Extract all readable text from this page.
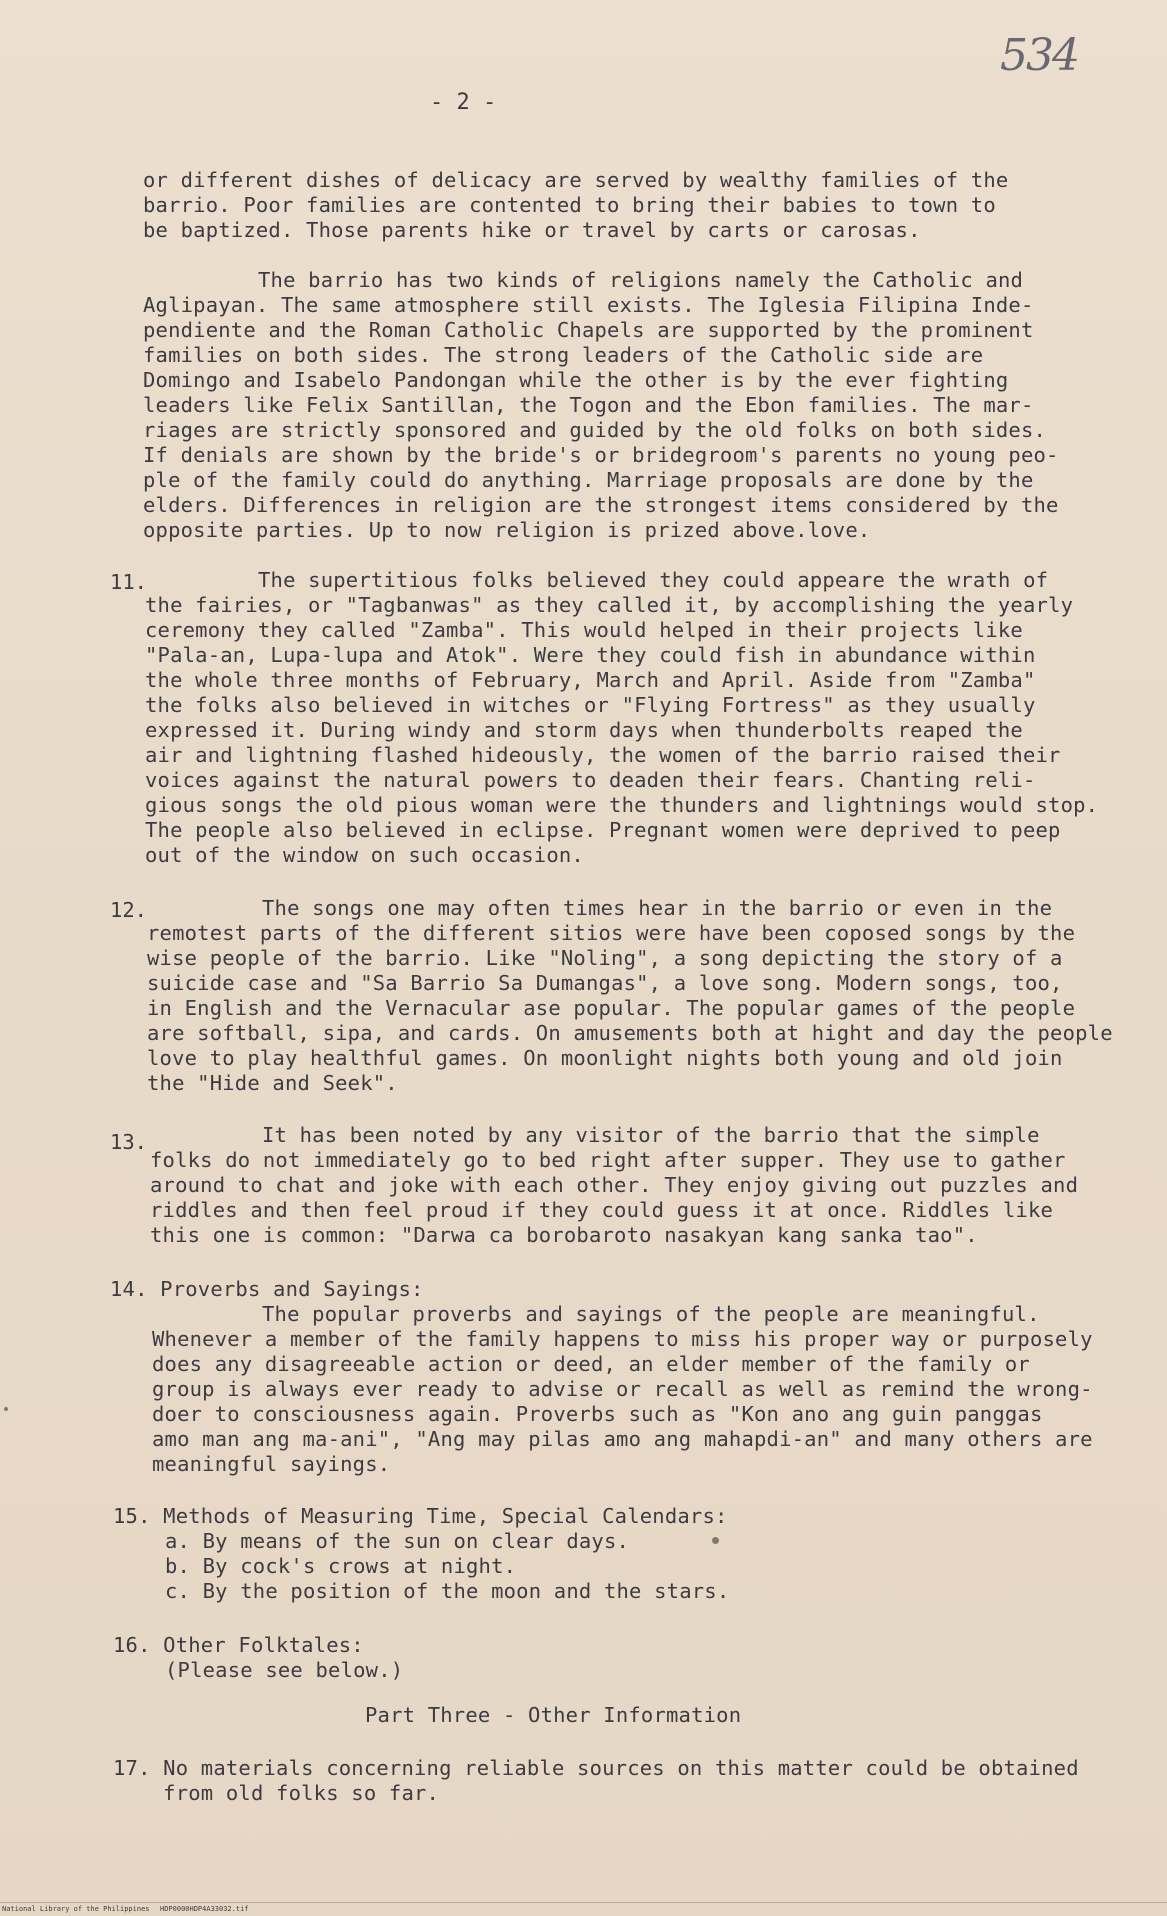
534
- 2 -
or different dishes of delicacy are served by wealthy families of the
barrio. Poor families are contented to bring their babies to town to
be baptized. Those parents hike or travel by carts or carosas.
The barrio has two kinds of religions namely the Catholic and
Aglipayan. The same atmosphere still exists. The Iglesia Filipina Inde-
pendiente and the Roman Catholic Chapels are supported by the prominent
families on both sides. The strong leaders of the Catholic side are
Domingo and Isabelo Pandongan while the other is by the ever fighting
leaders like Felix Santillan, the Togon and the Ebon families. The mar-
riages are strictly sponsored and guided by the old folks on both sides.
If denials are shown by the bride's or bridegroom's parents no young peo-
ple of the family could do anything. Marriage proposals are done by the
elders. Differences in religion are the strongest items considered by the
opposite parties. Up to now religion is prized above.love.
11.	The supertitious folks believed they could appeare the wrath of
the fairies, or "Tagbanwas" as they called it, by accomplishing the yearly
ceremony they called "Zamba". This would helped in their projects like
"Pala-an, Lupa-lupa and Atok". Were they could fish in abundance within
the whole three months of February, March and April. Aside from "Zamba"
the folks also believed in witches or "Flying Fortress" as they usually
expressed it. During windy and storm days when thunderbolts reaped the
air and lightning flashed hideously, the women of the barrio raised their
voices against the natural powers to deaden their fears. Chanting reli-
gious songs the old pious woman were the thunders and lightnings would stop.
The people also believed in eclipse. Pregnant women were deprived to peep
out of the window on such occasion.
12.	The songs one may often times hear in the barrio or even in the
remotest parts of the different sitios were have been coposed songs by the
wise people of the barrio. Like "Noling", a song depicting the story of a
suicide case and "Sa Barrio Sa Dumangas", a love song. Modern songs, too,
in English and the Vernacular ase popular. The popular games of the people
are softball, sipa, and cards. On amusements both at hight and day the people
love to play healthful games. On moonlight nights both young and old join
the "Hide and Seek".
13.	It has been noted by any visitor of the barrio that the simple
folks do not immediately go to bed right after supper. They use to gather
around to chat and joke with each other. They enjoy giving out puzzles and
riddles and then feel proud if they could guess it at once. Riddles like
this one is common: "Darwa ca borobaroto nasakyan kang sanka tao".
14. Proverbs and Sayings:
The popular proverbs and sayings of the people are meaningful.
Whenever a member of the family happens to miss his proper way or purposely
does any disagreeable action or deed, an elder member of the family or
group is always ever ready to advise or recall as well as remind the wrong-
doer to consciousness again. Proverbs such as "Kon ano ang guin panggas
amo man ang ma-ani", "Ang may pilas amo ang mahapdi-an" and many others are
meaningful sayings.
15. Methods of Measuring Time, Special Calendars:
a. By means of the sun on clear days.
b. By cock's crows at night.
c. By the position of the moon and the stars.
16. Other Folktales:
(Please see below.)
Part Three - Other Information
17. No materials concerning reliable sources on this matter could be obtained
from old folks so far.
National Library of the Philippines HDP0000HDP4A33032.tif
